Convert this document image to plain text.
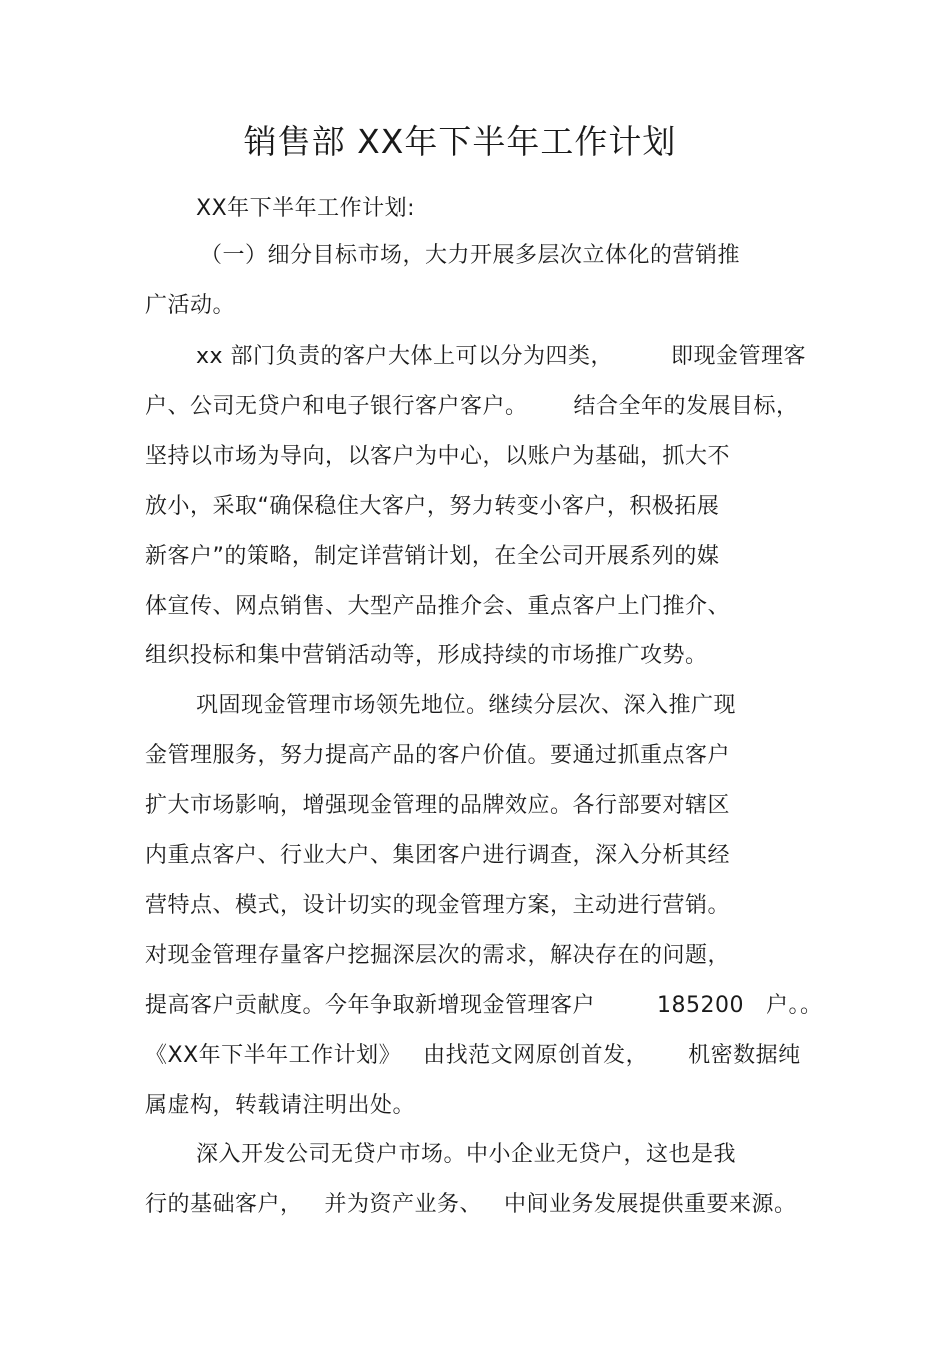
销售部 XX年下半年工作计划
XX年下半年工作计划:
（一）细分目标市场，大力开展多层次立体化的营销推
广活动。
xx 部门负责的客户大体上可以分为四类，	即现金管理客
户、公司无贷户和电子银行客户客户。 结合全年的发展目标，
坚持以市场为导向，以客户为中心，以账户为基础，抓大不
放小，采取“确保稳住大客户，努力转变小客户，积极拓展
新客户”的策略，制定详营销计划，在全公司开展系列的媒
体宣传、网点销售、大型产品推介会、重点客户上门推介、
组织投标和集中营销活动等，形成持续的市场推广攻势。
巩固现金管理市场领先地位。继续分层次、深入推广现
金管理服务，努力提高产品的客户价值。要通过抓重点客户
扩大市场影响，增强现金管理的品牌效应。各行部要对辖区
内重点客户、行业大户、集团客户进行调查，深入分析其经
营特点、模式，设计切实的现金管理方案，主动进行营销。
对现金管理存量客户挖掘深层次的需求，解决存在的问题，
提高客户贡献度。今年争取新增现金管理客户	185200 户。。
《XX年下半年工作计划》 由找范文网原创首发， 机密数据纯
属虚构，转载请注明出处。
深入开发公司无贷户市场。中小企业无贷户，这也是我
行的基础客户， 并为资产业务、 中间业务发展提供重要来源。
